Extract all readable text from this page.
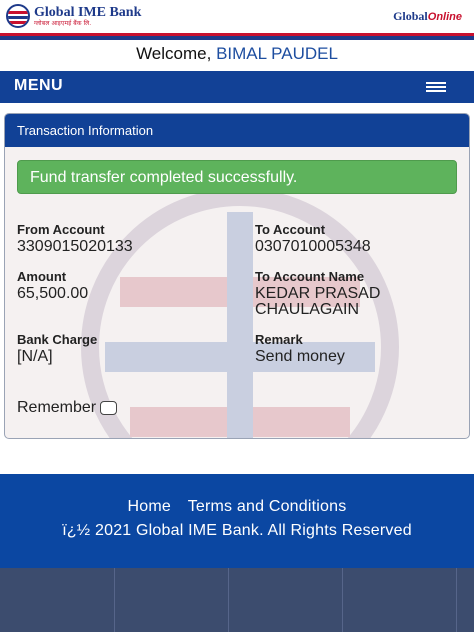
Global IME Bank
ग्लोबल आइएमई बैंक लि.
GlobalOnline
Welcome, BIMAL PAUDEL
MENU
Transaction Information
Fund transfer completed successfully.
From Account
3309015020133
To Account
0307010005348
Amount
65,500.00
To Account Name
KEDAR PRASAD
CHAULAGAIN
Bank Charge
[N/A]
Remark
Send money
Remember
Home Terms and Conditions
ï¿½ 2021 Global IME Bank. All Rights Reserved
